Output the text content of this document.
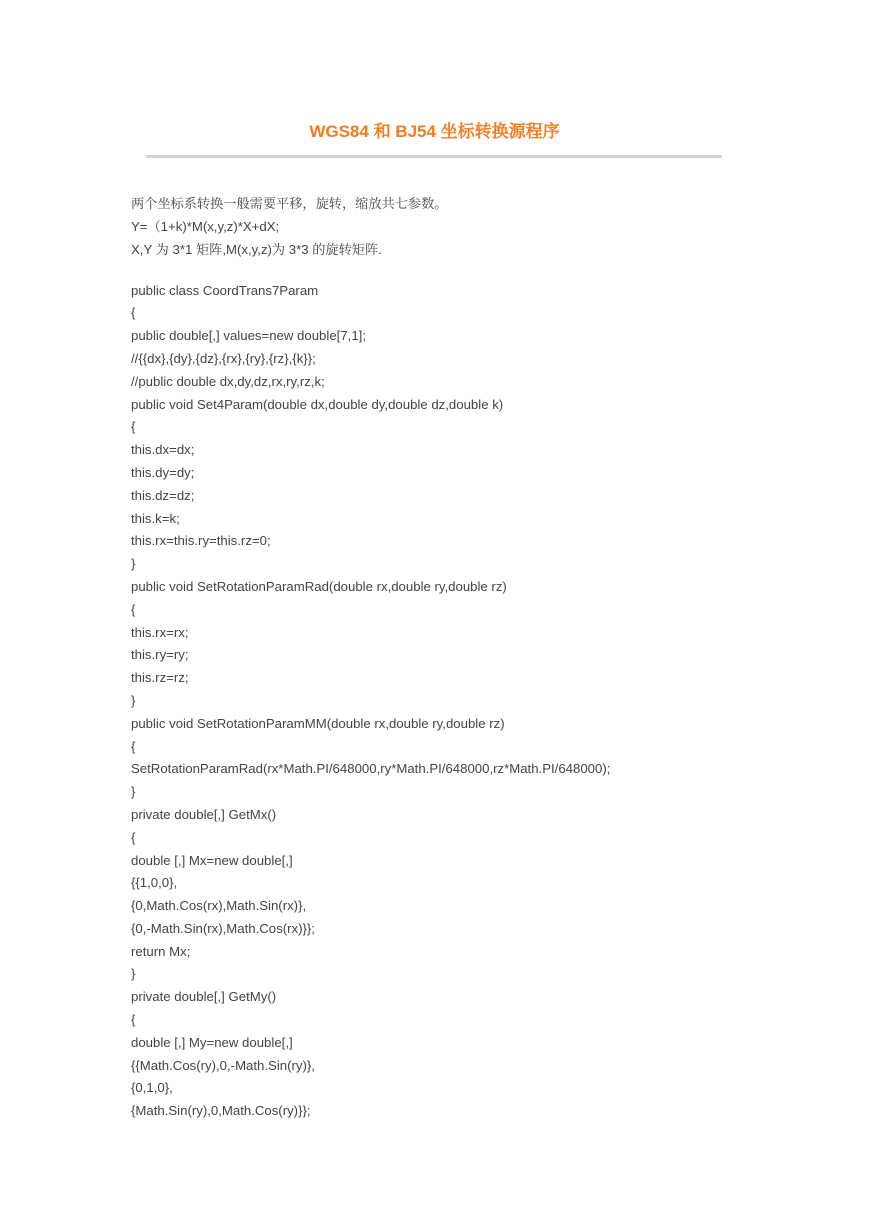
WGS84 和 BJ54 坐标转换源程序
两个坐标系转换一般需要平移，旋转，缩放共七参数。
Y=（1+k)*M(x,y,z)*X+dX;
X,Y 为 3*1 矩阵,M(x,y,z)为 3*3 的旋转矩阵.
public class CoordTrans7Param
{
public double[,] values=new double[7,1];
//{{dx},{dy},{dz},{rx},{ry},{rz},{k}};
//public double dx,dy,dz,rx,ry,rz,k;
public void Set4Param(double dx,double dy,double dz,double k)
{
this.dx=dx;
this.dy=dy;
this.dz=dz;
this.k=k;
this.rx=this.ry=this.rz=0;
}
public void SetRotationParamRad(double rx,double ry,double rz)
{
this.rx=rx;
this.ry=ry;
this.rz=rz;
}
public void SetRotationParamMM(double rx,double ry,double rz)
{
SetRotationParamRad(rx*Math.PI/648000,ry*Math.PI/648000,rz*Math.PI/648000);
}
private double[,] GetMx()
{
double [,] Mx=new double[,]
{{1,0,0},
{0,Math.Cos(rx),Math.Sin(rx)},
{0,-Math.Sin(rx),Math.Cos(rx)}};
return Mx;
}
private double[,] GetMy()
{
double [,] My=new double[,]
{{Math.Cos(ry),0,-Math.Sin(ry)},
{0,1,0},
{Math.Sin(ry),0,Math.Cos(ry)}};
